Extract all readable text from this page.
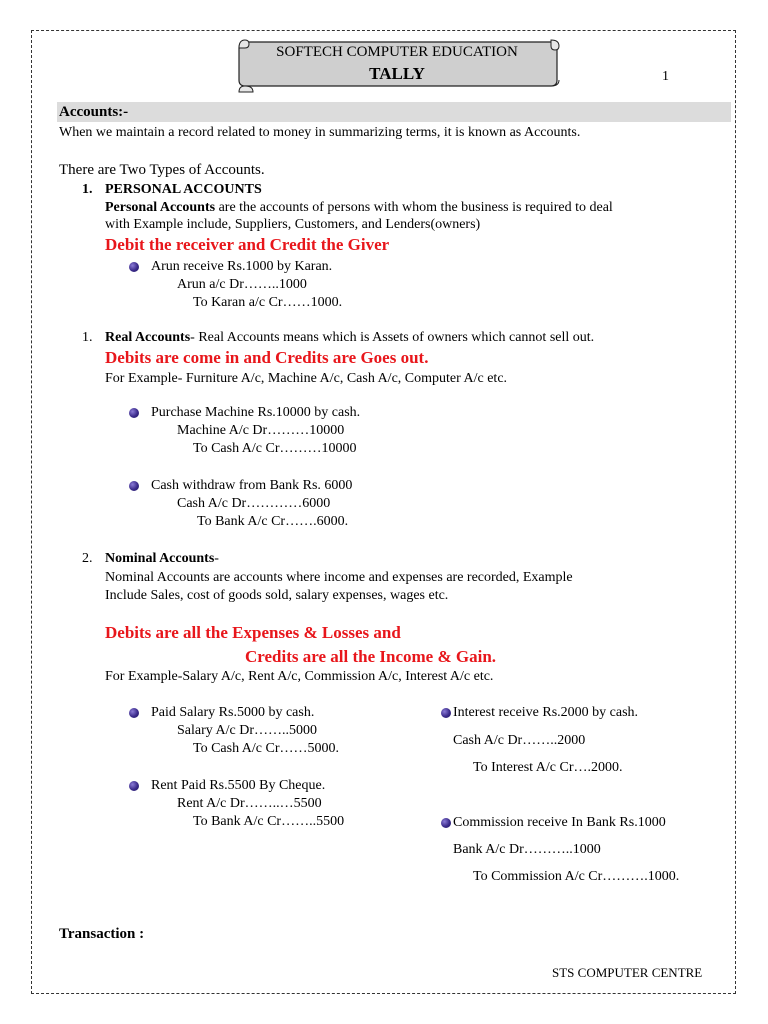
SOFTECH COMPUTER EDUCATION
TALLY	1
Accounts:-
When we maintain a record related to money in summarizing terms, it is known as Accounts.
There are Two Types of Accounts.
1. PERSONAL ACCOUNTS
Personal Accounts are the accounts of persons with whom the business is required to deal
with Example include, Suppliers, Customers, and Lenders(owners)
Debit the receiver and Credit the Giver
Arun receive Rs.1000 by Karan.
Arun a/c Dr……..1000
To Karan a/c Cr……1000.
1. Real Accounts- Real Accounts means which is Assets of owners which cannot sell out.
Debits are come in and Credits are Goes out.
For Example- Furniture A/c, Machine A/c, Cash A/c, Computer A/c etc.
Purchase Machine Rs.10000 by cash.
Machine A/c Dr………10000
To Cash A/c Cr………10000
Cash withdraw from Bank Rs. 6000
Cash A/c Dr…………6000
To Bank A/c Cr…….6000.
2. Nominal Accounts-
Nominal Accounts are accounts where income and expenses are recorded, Example
Include Sales, cost of goods sold, salary expenses, wages etc.
Debits are all the Expenses & Losses and
Credits are all the Income & Gain.
For Example-Salary A/c, Rent A/c, Commission A/c, Interest A/c etc.
Paid Salary Rs.5000 by cash.
Salary A/c Dr……..5000
To Cash A/c Cr……5000.
Rent Paid Rs.5500 By Cheque.
Rent A/c Dr……..…5500
To Bank A/c Cr……..5500
Interest receive Rs.2000 by cash.
Cash A/c Dr……..2000
To Interest A/c Cr….2000.
Commission receive In Bank Rs.1000
Bank A/c Dr………..1000
To Commission A/c Cr……….1000.
Transaction :
STS COMPUTER CENTRE
